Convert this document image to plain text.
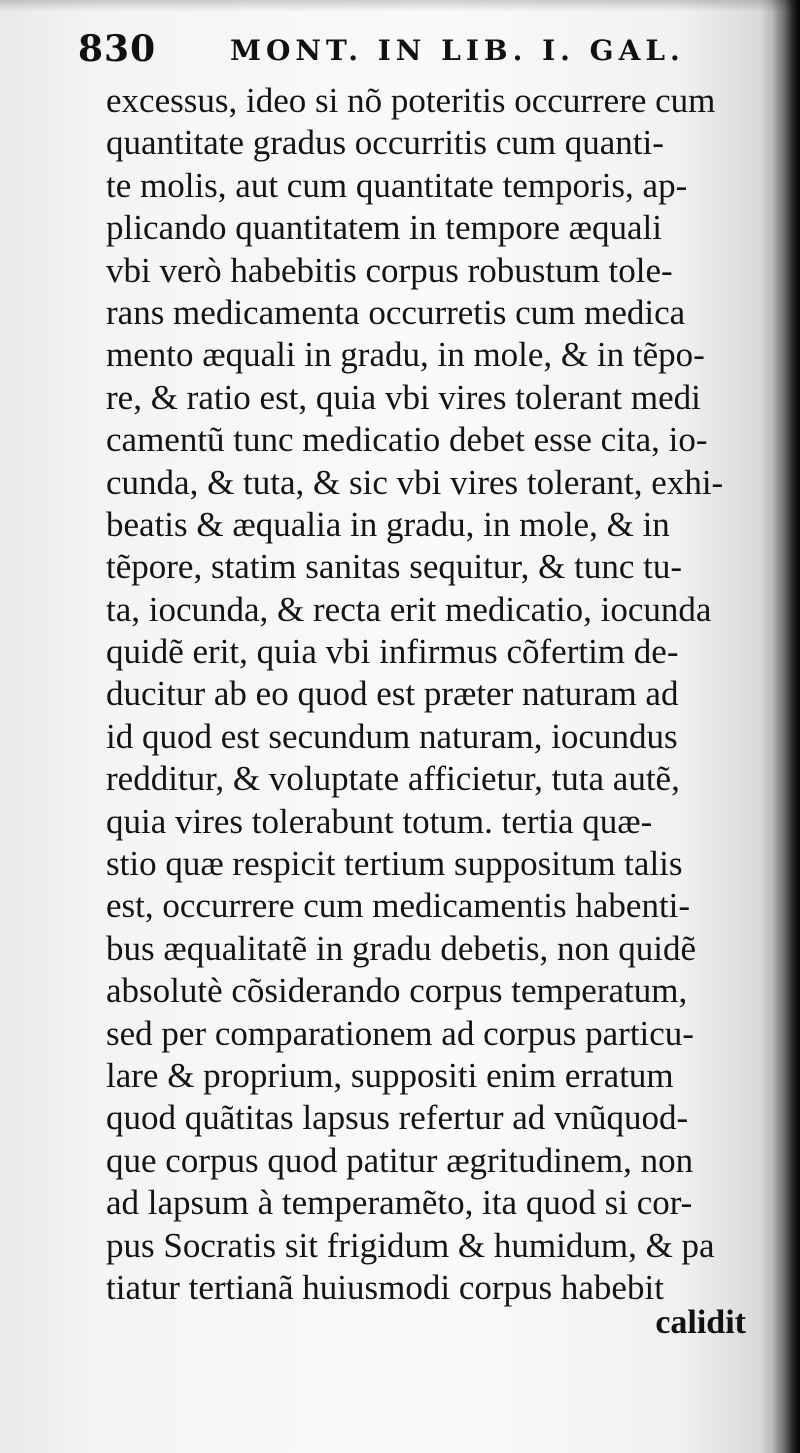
830	MONT. IN LIB. I. GAL.
excessus, ideo si nõ poteritis occurrere cum
quantitate gradus occurritis cum quanti-
te molis, aut cum quantitate temporis, ap-
plicando quantitatem in tempore æquali
vbi verò habebitis corpus robustum tole-
rans medicamenta occurretis cum medica
mento æquali in gradu, in mole, & in tẽpo-
re, & ratio est, quia vbi vires tolerant medi
camentũ tunc medicatio debet esse cita, io-
cunda, & tuta, & sic vbi vires tolerant, exhi-
beatis & æqualia in gradu, in mole, & in
tẽpore, statim sanitas sequitur, & tunc tu-
ta, iocunda, & recta erit medicatio, iocunda
quidẽ erit, quia vbi infirmus cõfertim de-
ducitur ab eo quod est præter naturam ad
id quod est secundum naturam, iocundus
redditur, & voluptate afficietur, tuta autẽ,
quia vires tolerabunt totum. tertia quæ-
stio quæ respicit tertium suppositum talis
est, occurrere cum medicamentis habenti-
bus æqualitatẽ in gradu debetis, non quidẽ
absolutè cõsiderando corpus temperatum,
sed per comparationem ad corpus particu-
lare & proprium, suppositi enim erratum
quod quãtitas lapsus refertur ad vnũquod-
que corpus quod patitur ægritudinem, non
ad lapsum à temperamẽto, ita quod si cor-
pus Socratis sit frigidum & humidum, & pa
tiatur tertianã huiusmodi corpus habebit
calidit
